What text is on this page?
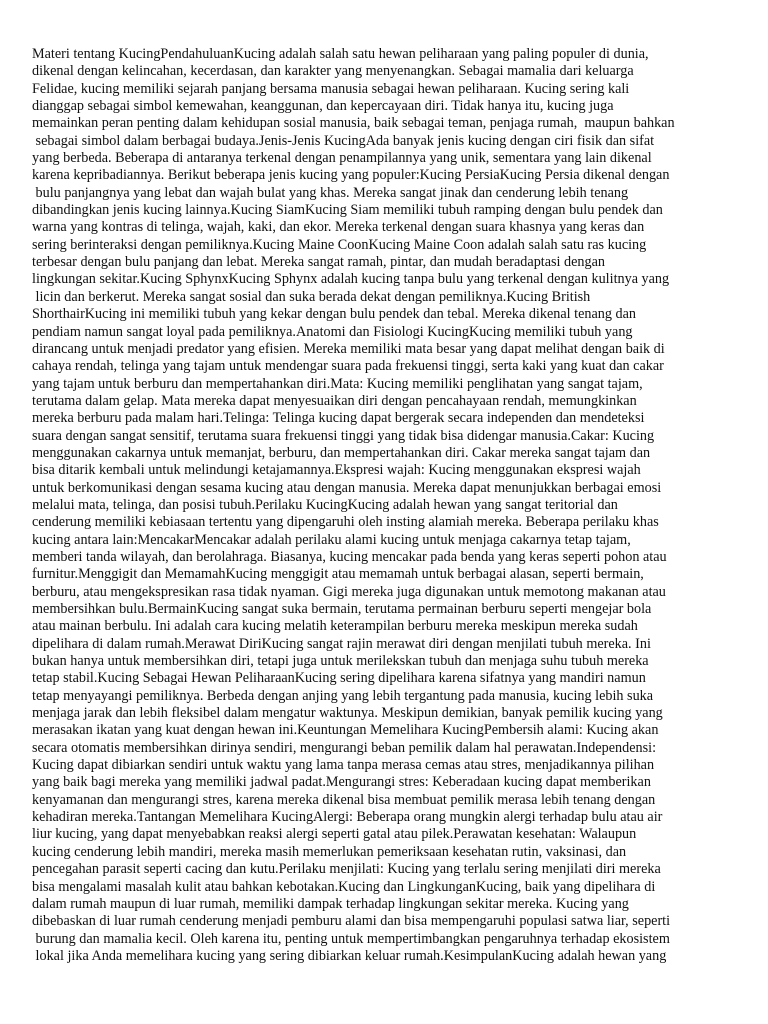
Materi tentang KucingPendahuluanKucing adalah salah satu hewan peliharaan yang paling populer di dunia,
dikenal dengan kelincahan, kecerdasan, dan karakter yang menyenangkan. Sebagai mamalia dari keluarga
Felidae, kucing memiliki sejarah panjang bersama manusia sebagai hewan peliharaan. Kucing sering kali
dianggap sebagai simbol kemewahan, keanggunan, dan kepercayaan diri. Tidak hanya itu, kucing juga
memainkan peran penting dalam kehidupan sosial manusia, baik sebagai teman, penjaga rumah,  maupun bahkan
sebagai simbol dalam berbagai budaya.Jenis-Jenis KucingAda banyak jenis kucing dengan ciri fisik dan sifat
yang berbeda. Beberapa di antaranya terkenal dengan penampilannya yang unik, sementara yang lain dikenal
karena kepribadiannya. Berikut beberapa jenis kucing yang populer:Kucing PersiaKucing Persia dikenal dengan
bulu panjangnya yang lebat dan wajah bulat yang khas. Mereka sangat jinak dan cenderung lebih tenang
dibandingkan jenis kucing lainnya.Kucing SiamKucing Siam memiliki tubuh ramping dengan bulu pendek dan
warna yang kontras di telinga, wajah, kaki, dan ekor. Mereka terkenal dengan suara khasnya yang keras dan
sering berinteraksi dengan pemiliknya.Kucing Maine CoonKucing Maine Coon adalah salah satu ras kucing
terbesar dengan bulu panjang dan lebat. Mereka sangat ramah, pintar, dan mudah beradaptasi dengan
lingkungan sekitar.Kucing SphynxKucing Sphynx adalah kucing tanpa bulu yang terkenal dengan kulitnya yang
licin dan berkerut. Mereka sangat sosial dan suka berada dekat dengan pemiliknya.Kucing British
ShorthairKucing ini memiliki tubuh yang kekar dengan bulu pendek dan tebal. Mereka dikenal tenang dan
pendiam namun sangat loyal pada pemiliknya.Anatomi dan Fisiologi KucingKucing memiliki tubuh yang
dirancang untuk menjadi predator yang efisien. Mereka memiliki mata besar yang dapat melihat dengan baik di
cahaya rendah, telinga yang tajam untuk mendengar suara pada frekuensi tinggi, serta kaki yang kuat dan cakar
yang tajam untuk berburu dan mempertahankan diri.Mata: Kucing memiliki penglihatan yang sangat tajam,
terutama dalam gelap. Mata mereka dapat menyesuaikan diri dengan pencahayaan rendah, memungkinkan
mereka berburu pada malam hari.Telinga: Telinga kucing dapat bergerak secara independen dan mendeteksi
suara dengan sangat sensitif, terutama suara frekuensi tinggi yang tidak bisa didengar manusia.Cakar: Kucing
menggunakan cakarnya untuk memanjat, berburu, dan mempertahankan diri. Cakar mereka sangat tajam dan
bisa ditarik kembali untuk melindungi ketajamannya.Ekspresi wajah: Kucing menggunakan ekspresi wajah
untuk berkomunikasi dengan sesama kucing atau dengan manusia. Mereka dapat menunjukkan berbagai emosi
melalui mata, telinga, dan posisi tubuh.Perilaku KucingKucing adalah hewan yang sangat teritorial dan
cenderung memiliki kebiasaan tertentu yang dipengaruhi oleh insting alamiah mereka. Beberapa perilaku khas
kucing antara lain:MencakarMencakar adalah perilaku alami kucing untuk menjaga cakarnya tetap tajam,
memberi tanda wilayah, dan berolahraga. Biasanya, kucing mencakar pada benda yang keras seperti pohon atau
furnitur.Menggigit dan MemamahKucing menggigit atau memamah untuk berbagai alasan, seperti bermain,
berburu, atau mengekspresikan rasa tidak nyaman. Gigi mereka juga digunakan untuk memotong makanan atau
membersihkan bulu.BermainKucing sangat suka bermain, terutama permainan berburu seperti mengejar bola
atau mainan berbulu. Ini adalah cara kucing melatih keterampilan berburu mereka meskipun mereka sudah
dipelihara di dalam rumah.Merawat DiriKucing sangat rajin merawat diri dengan menjilati tubuh mereka. Ini
bukan hanya untuk membersihkan diri, tetapi juga untuk merilekskan tubuh dan menjaga suhu tubuh mereka
tetap stabil.Kucing Sebagai Hewan PeliharaanKucing sering dipelihara karena sifatnya yang mandiri namun
tetap menyayangi pemiliknya. Berbeda dengan anjing yang lebih tergantung pada manusia, kucing lebih suka
menjaga jarak dan lebih fleksibel dalam mengatur waktunya. Meskipun demikian, banyak pemilik kucing yang
merasakan ikatan yang kuat dengan hewan ini.Keuntungan Memelihara KucingPembersih alami: Kucing akan
secara otomatis membersihkan dirinya sendiri, mengurangi beban pemilik dalam hal perawatan.Independensi:
Kucing dapat dibiarkan sendiri untuk waktu yang lama tanpa merasa cemas atau stres, menjadikannya pilihan
yang baik bagi mereka yang memiliki jadwal padat.Mengurangi stres: Keberadaan kucing dapat memberikan
kenyamanan dan mengurangi stres, karena mereka dikenal bisa membuat pemilik merasa lebih tenang dengan
kehadiran mereka.Tantangan Memelihara KucingAlergi: Beberapa orang mungkin alergi terhadap bulu atau air
liur kucing, yang dapat menyebabkan reaksi alergi seperti gatal atau pilek.Perawatan kesehatan: Walaupun
kucing cenderung lebih mandiri, mereka masih memerlukan pemeriksaan kesehatan rutin, vaksinasi, dan
pencegahan parasit seperti cacing dan kutu.Perilaku menjilati: Kucing yang terlalu sering menjilati diri mereka
bisa mengalami masalah kulit atau bahkan kebotakan.Kucing dan LingkunganKucing, baik yang dipelihara di
dalam rumah maupun di luar rumah, memiliki dampak terhadap lingkungan sekitar mereka. Kucing yang
dibebaskan di luar rumah cenderung menjadi pemburu alami dan bisa mempengaruhi populasi satwa liar, seperti
burung dan mamalia kecil. Oleh karena itu, penting untuk mempertimbangkan pengaruhnya terhadap ekosistem
lokal jika Anda memelihara kucing yang sering dibiarkan keluar rumah.KesimpulanKucing adalah hewan yang
